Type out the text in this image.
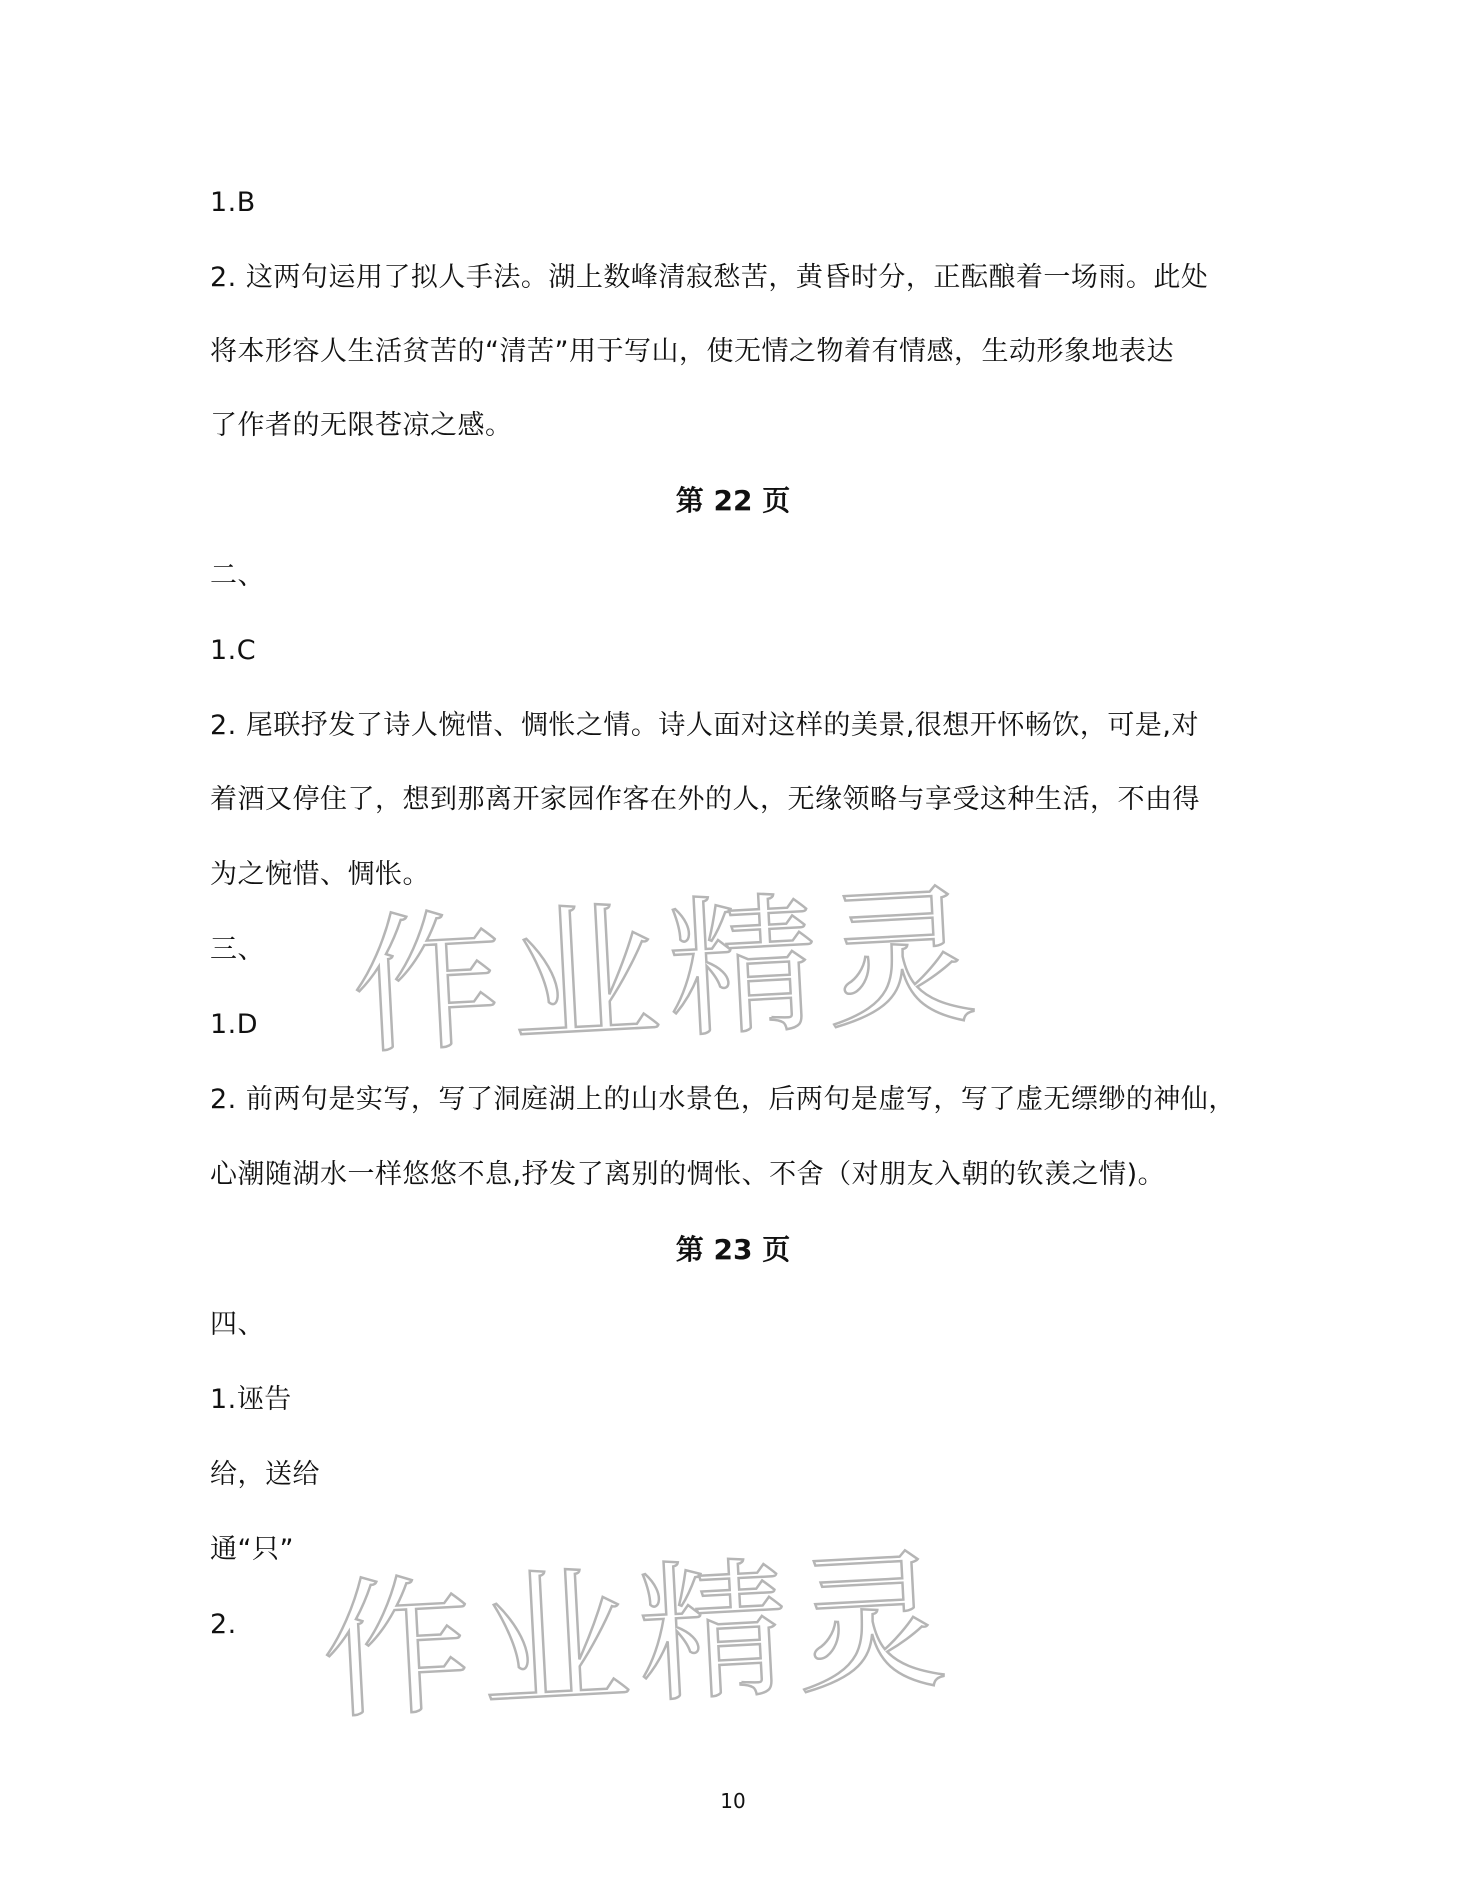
1.B
2. 这两句运用了拟人手法。湖上数峰清寂愁苦，黄昏时分，正酝酿着一场雨。此处
将本形容人生活贫苦的“清苦”用于写山，使无情之物着有情感，生动形象地表达
了作者的无限苍凉之感。
第 22 页
二、
1.C
2. 尾联抒发了诗人惋惜、惆怅之情。诗人面对这样的美景,很想开怀畅饮，可是,对
着酒又停住了，想到那离开家园作客在外的人，无缘领略与享受这种生活，不由得
为之惋惜、惆怅。
三、
1.D
2. 前两句是实写，写了洞庭湖上的山水景色，后两句是虚写，写了虚无缥缈的神仙，
心潮随湖水一样悠悠不息,抒发了离别的惆怅、不舍（对朋友入朝的钦羡之情)。
第 23 页
四、
1.诬告
给，送给
通“只”
2.
作业精灵
作业精灵
10
